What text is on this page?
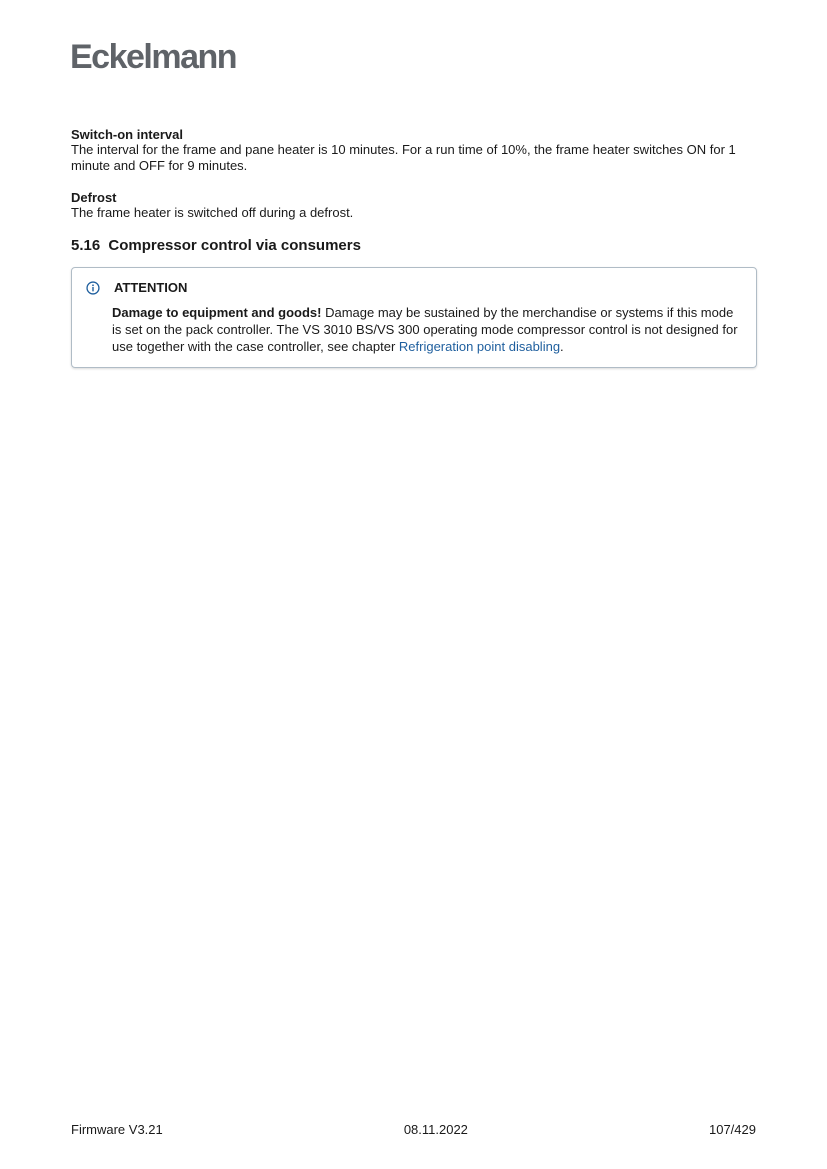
Eckelmann

Switch-on interval

The interval for the frame and pane heater is 10 minutes. For a run time of 10%, the frame heater switches ON for 1 minute and OFF for 9 minutes.

Defrost

The frame heater is switched off during a defrost.

5.16 Compressor control via consumers
ATTENTION
Damage to equipment and goods! Damage may be sustained by the merchandise or systems if this mode is set on the pack controller. The VS 3010 BS/VS 300 operating mode compressor control is not designed for use together with the case controller, see chapter Refrigeration point disabling.
Firmware V3.21	08.11.2022	107/429
